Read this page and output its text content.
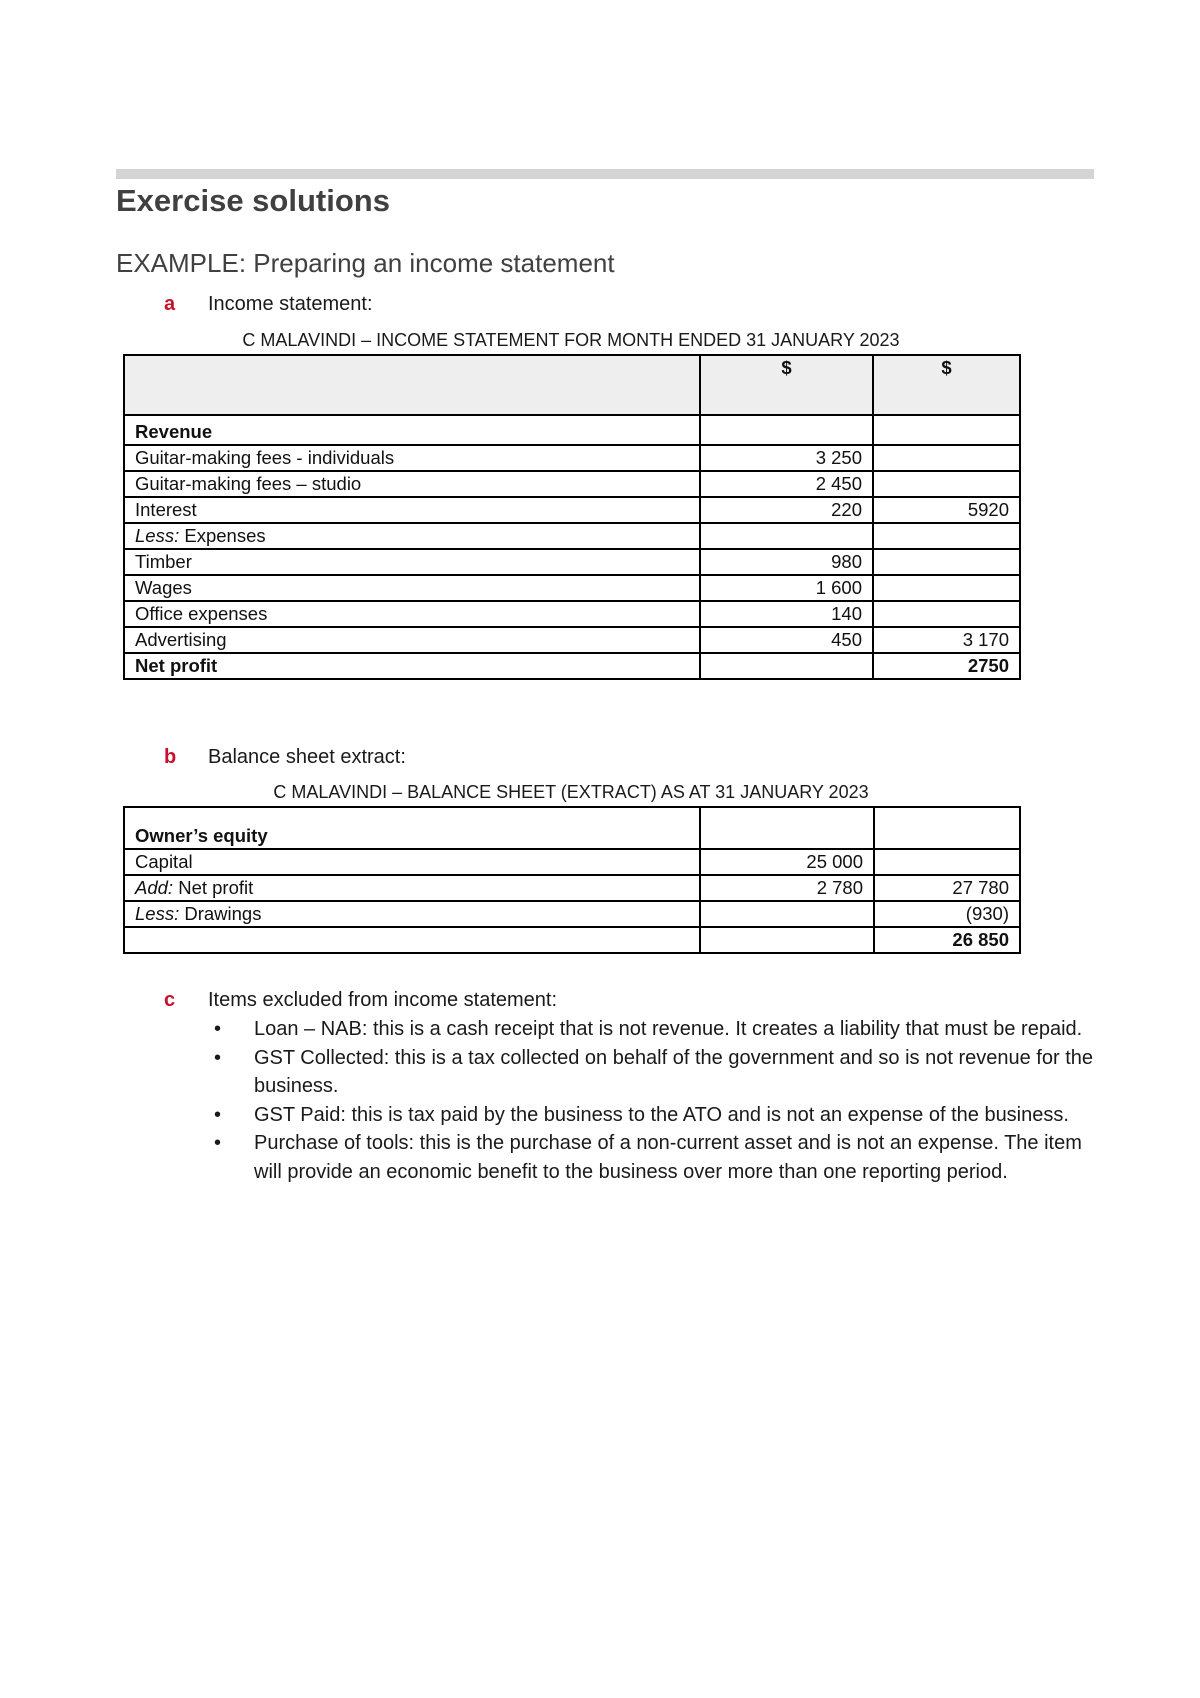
Exercise solutions
EXAMPLE: Preparing an income statement
a Income statement:
C MALAVINDI – INCOME STATEMENT FOR MONTH ENDED 31 JANUARY 2023
	$	$
Revenue		
Guitar-making fees - individuals	3 250	
Guitar-making fees – studio	2 450	
Interest	220	5920
Less: Expenses		
Timber	980	
Wages	1 600	
Office expenses	140	
Advertising	450	3 170
Net profit		2750
b Balance sheet extract:
C MALAVINDI – BALANCE SHEET (EXTRACT) AS AT 31 JANUARY 2023
Owner’s equity		
Capital	25 000	
Add: Net profit	2 780	27 780
Less: Drawings		(930)
		26 850
c Items excluded from income statement:
• Loan – NAB: this is a cash receipt that is not revenue. It creates a liability that must be repaid.
• GST Collected: this is a tax collected on behalf of the government and so is not revenue for the business.
• GST Paid: this is tax paid by the business to the ATO and is not an expense of the business.
• Purchase of tools: this is the purchase of a non-current asset and is not an expense. The item will provide an economic benefit to the business over more than one reporting period.
